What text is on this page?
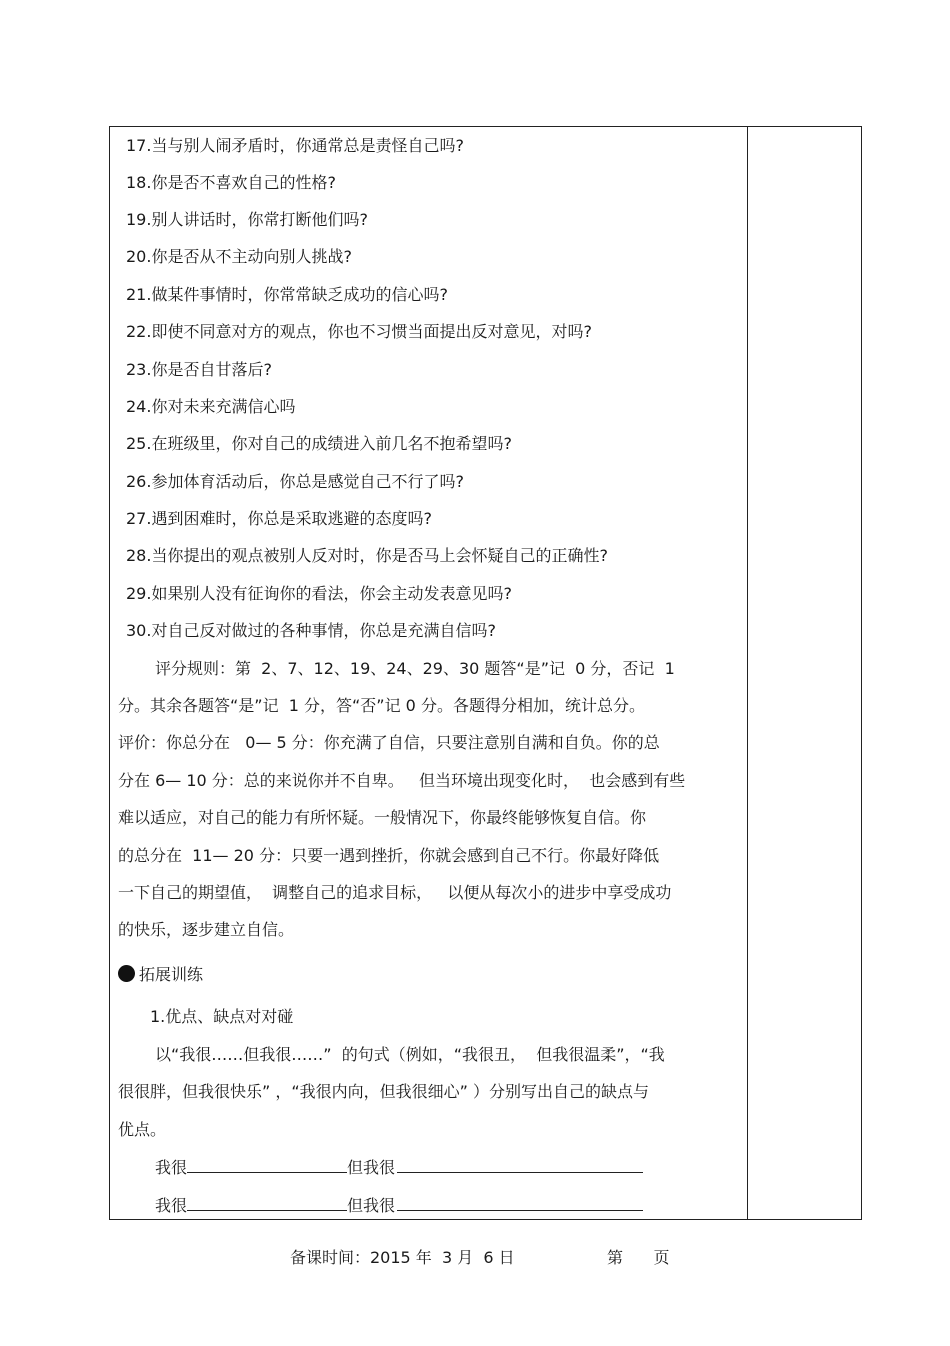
17.当与别人闹矛盾时，你通常总是责怪自己吗?
18.你是否不喜欢自己的性格?
19.别人讲话时，你常打断他们吗?
20.你是否从不主动向别人挑战?
21.做某件事情时，你常常缺乏成功的信心吗?
22.即使不同意对方的观点，你也不习惯当面提出反对意见，对吗?
23.你是否自甘落后?
24.你对未来充满信心吗
25.在班级里，你对自己的成绩进入前几名不抱希望吗?
26.参加体育活动后，你总是感觉自己不行了吗?
27.遇到困难时，你总是采取逃避的态度吗?
28.当你提出的观点被别人反对时，你是否马上会怀疑自己的正确性?
29.如果别人没有征询你的看法，你会主动发表意见吗?
30.对自己反对做过的各种事情，你总是充满自信吗?
评分规则：第  2、7、12、19、24、29、30 题答“是”记  0 分，否记  1
分。其余各题答“是”记  1 分，答“否”记 0 分。各题得分相加，统计总分。
评价：你总分在   0— 5 分：你充满了自信，只要注意别自满和自负。你的总
分在 6— 10 分：总的来说你并不自卑。   但当环境出现变化时，  也会感到有些
难以适应，对自己的能力有所怀疑。一般情况下，你最终能够恢复自信。你
的总分在  11— 20 分：只要一遇到挫折，你就会感到自己不行。你最好降低
一下自己的期望值，  调整自己的追求目标，   以便从每次小的进步中享受成功
的快乐，逐步建立自信。
拓展训练
1.优点、缺点对对碰
以“我很……但我很……”  的句式（例如，“我很丑，  但我很温柔”，“我
很很胖，但我很快乐” ，“我很内向，但我很细心” ）分别写出自己的缺点与
优点。
我很	但我很
我很	但我很
备课时间：2015 年  3 月  6 日	第      页
